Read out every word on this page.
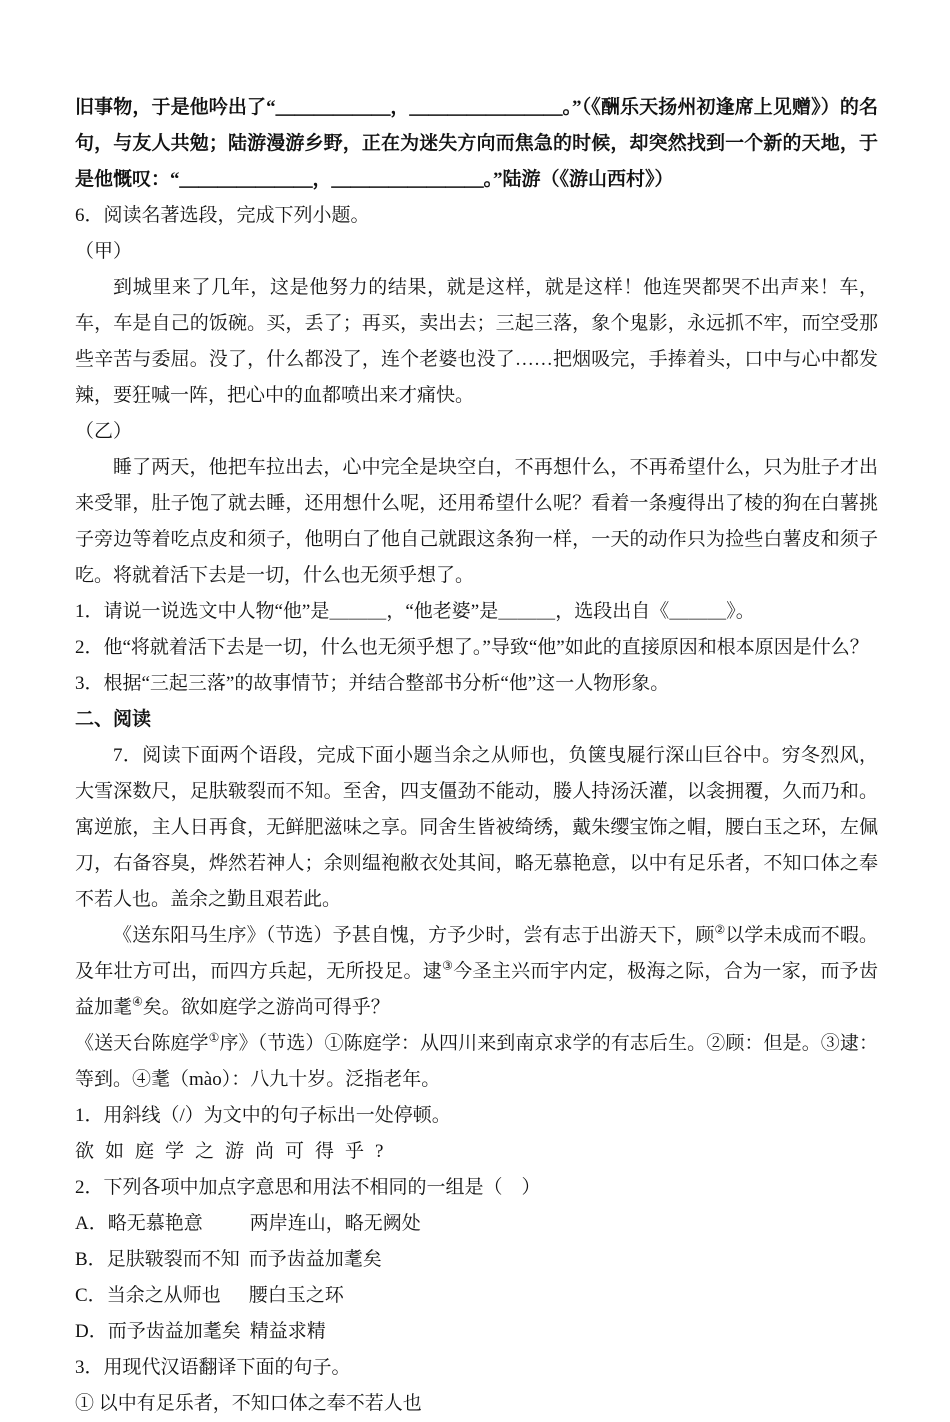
旧事物，于是他吟出了“＿＿＿＿＿＿，＿＿＿＿＿＿＿＿。”（《酬乐天扬州初逢席上见赠》）的名句，与友人共勉；陆游漫游乡野，正在为迷失方向而焦急的时候，却突然找到一个新的天地，于是他慨叹：“＿＿＿＿＿＿＿，＿＿＿＿＿＿＿＿。”陆游（《游山西村》）

6．阅读名著选段，完成下列小题。

（甲）

到城里来了几年，这是他努力的结果，就是这样，就是这样！他连哭都哭不出声来！车，车，车是自己的饭碗。买，丢了；再买，卖出去；三起三落，象个鬼影，永远抓不牢，而空受那些辛苦与委屈。没了，什么都没了，连个老婆也没了……把烟吸完，手捧着头，口中与心中都发辣，要狂喊一阵，把心中的血都喷出来才痛快。

（乙）

睡了两天，他把车拉出去，心中完全是块空白，不再想什么，不再希望什么，只为肚子才出来受罪，肚子饱了就去睡，还用想什么呢，还用希望什么呢？看着一条瘦得出了棱的狗在白薯挑子旁边等着吃点皮和须子，他明白了他自己就跟这条狗一样，一天的动作只为捡些白薯皮和须子吃。将就着活下去是一切，什么也无须乎想了。

1．请说一说选文中人物“他”是＿＿＿，“他老婆”是＿＿＿，选段出自《＿＿＿》。

2．他“将就着活下去是一切，什么也无须乎想了。”导致“他”如此的直接原因和根本原因是什么？

3．根据“三起三落”的故事情节；并结合整部书分析“他”这一人物形象。

二、阅读

7．阅读下面两个语段，完成下面小题当余之从师也，负箧曳屣行深山巨谷中。穷冬烈风，大雪深数尺，足肤皲裂而不知。至舍，四支僵劲不能动，媵人持汤沃灌，以衾拥覆，久而乃和。寓逆旅，主人日再食，无鲜肥滋味之享。同舍生皆被绮绣，戴朱缨宝饰之帽，腰白玉之环，左佩刀，右备容臭，烨然若神人；余则缊袍敝衣处其间，略无慕艳意，以中有足乐者，不知口体之奉不若人也。盖余之勤且艰若此。

《送东阳马生序》（节选）予甚自愧，方予少时，尝有志于出游天下，顾②以学未成而不暇。及年壮方可出，而四方兵起，无所投足。逮③今圣主兴而宇内定，极海之际，合为一家，而予齿益加耄④矣。欲如庭学之游尚可得乎？

《送天台陈庭学①序》（节选）①陈庭学：从四川来到南京求学的有志后生。②顾：但是。③逮：等到。④耄（mào）：八九十岁。泛指老年。

1．用斜线（/）为文中的句子标出一处停顿。

欲如庭学之游尚可得乎?

2．下列各项中加点字意思和用法不相同的一组是（　）

A． 略无慕艳意	两岸连山，略无阙处
B． 足肤皲裂而不知 而予齿益加耄矣
C． 当余之从师也	腰白玉之环
D． 而予齿益加耄矣 精益求精

3．用现代汉语翻译下面的句子。

① 以中有足乐者，不知口体之奉不若人也
